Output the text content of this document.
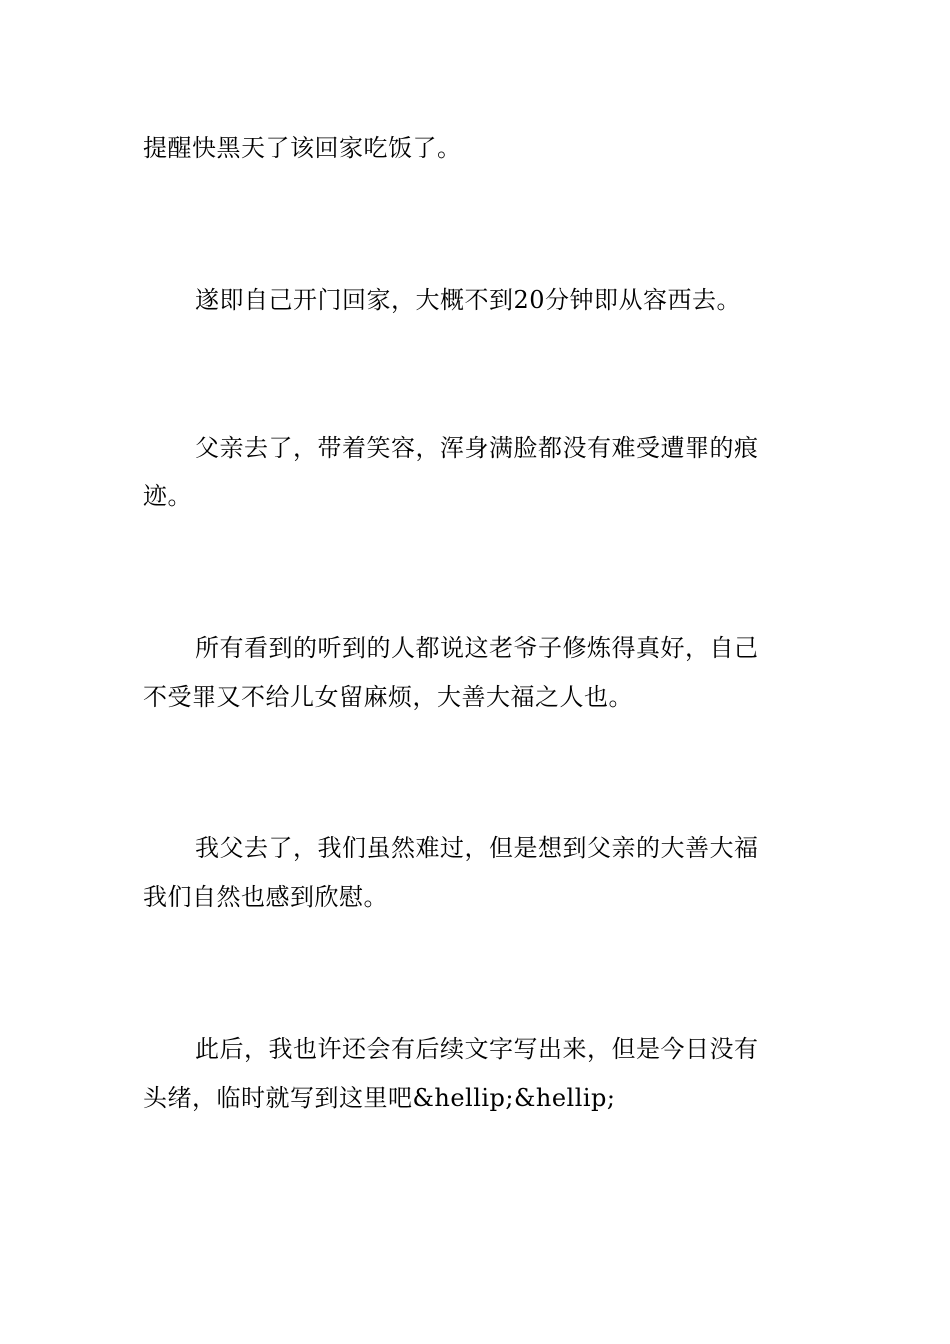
提醒快黑天了该回家吃饭了。
遂即自己开门回家，大概不到20分钟即从容西去。
父亲去了，带着笑容，浑身满脸都没有难受遭罪的痕
迹。
所有看到的听到的人都说这老爷子修炼得真好，自己
不受罪又不给儿女留麻烦，大善大福之人也。
我父去了，我们虽然难过，但是想到父亲的大善大福
我们自然也感到欣慰。
此后，我也许还会有后续文字写出来，但是今日没有
头绪，临时就写到这里吧&hellip;&hellip;
